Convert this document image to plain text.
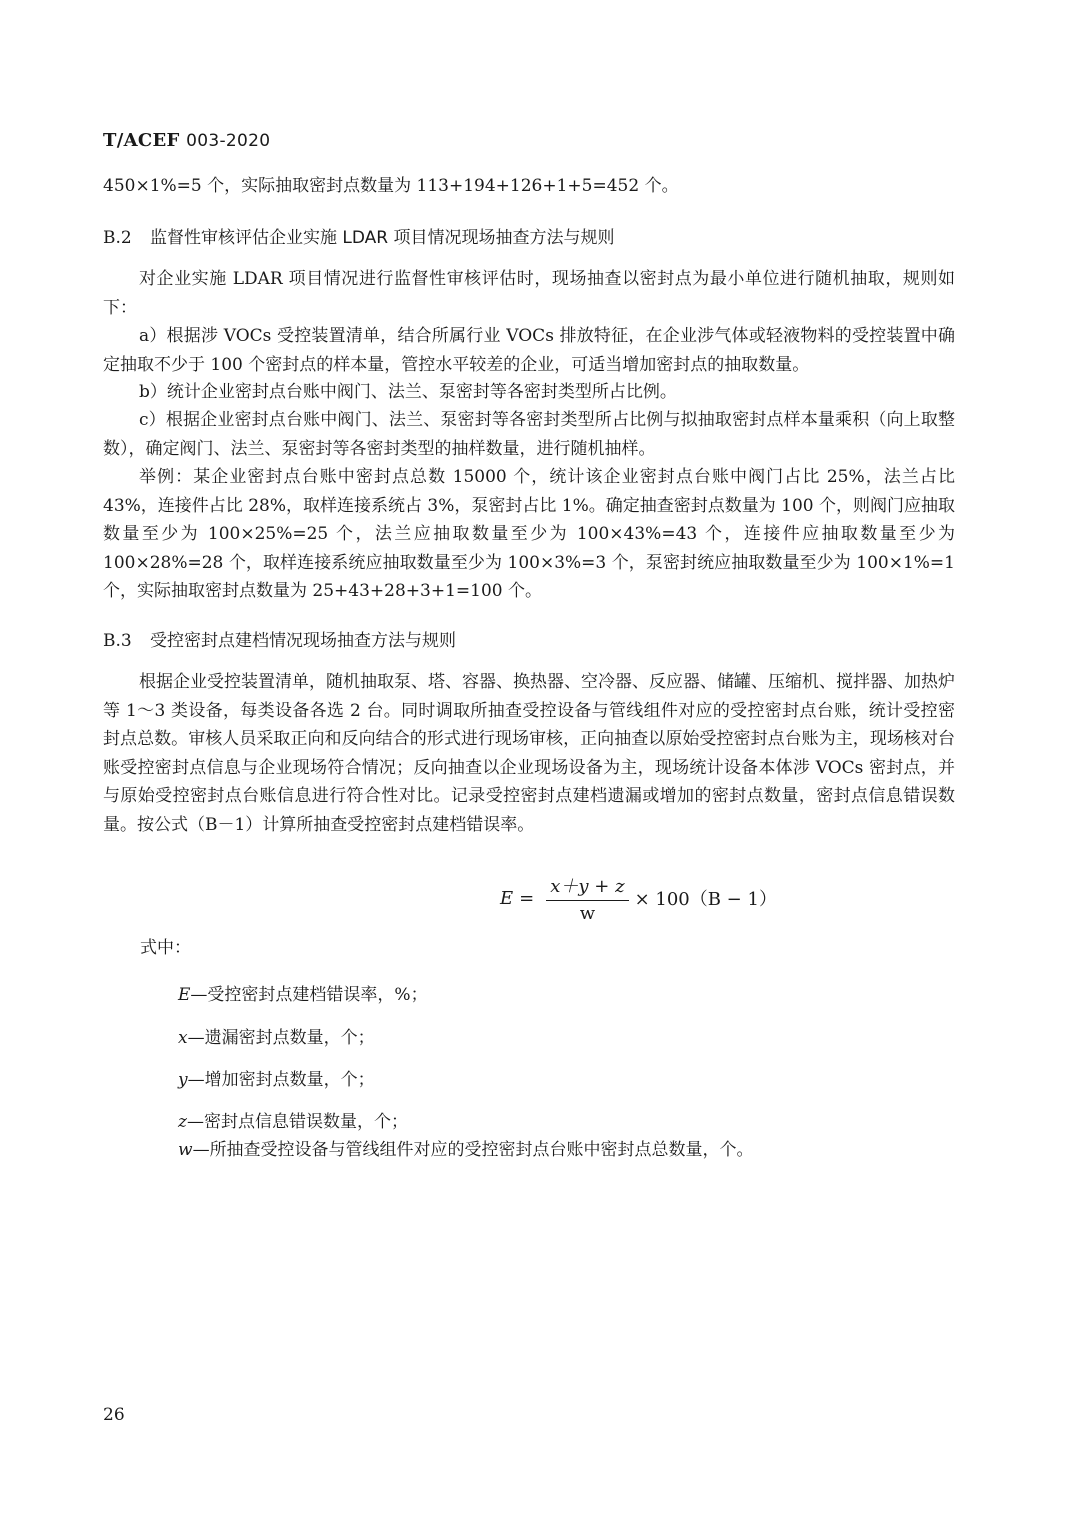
T/ACEF 003-2020
450×1%=5 个，实际抽取密封点数量为 113+194+126+1+5=452 个。
B.2 监督性审核评估企业实施 LDAR 项目情况现场抽查方法与规则
对企业实施 LDAR 项目情况进行监督性审核评估时，现场抽查以密封点为最小单位进行随机抽取，规则如下：
a）根据涉 VOCs 受控装置清单，结合所属行业 VOCs 排放特征，在企业涉气体或轻液物料的受控装置中确定抽取不少于 100 个密封点的样本量，管控水平较差的企业，可适当增加密封点的抽取数量。
b）统计企业密封点台账中阀门、法兰、泵密封等各密封类型所占比例。
c）根据企业密封点台账中阀门、法兰、泵密封等各密封类型所占比例与拟抽取密封点样本量乘积（向上取整数），确定阀门、法兰、泵密封等各密封类型的抽样数量，进行随机抽样。
举例：某企业密封点台账中密封点总数 15000 个，统计该企业密封点台账中阀门占比 25%，法兰占比 43%，连接件占比 28%，取样连接系统占 3%，泵密封占比 1%。确定抽查密封点数量为 100 个，则阀门应抽取数量至少为 100×25%=25 个，法兰应抽取数量至少为 100×43%=43 个，连接件应抽取数量至少为 100×28%=28 个，取样连接系统应抽取数量至少为 100×3%=3 个，泵密封统应抽取数量至少为 100×1%=1 个，实际抽取密封点数量为 25+43+28+3+1=100 个。
B.3 受控密封点建档情况现场抽查方法与规则
根据企业受控装置清单，随机抽取泵、塔、容器、换热器、空冷器、反应器、储罐、压缩机、搅拌器、加热炉等 1～3 类设备，每类设备各选 2 台。同时调取所抽查受控设备与管线组件对应的受控密封点台账，统计受控密封点总数。审核人员采取正向和反向结合的形式进行现场审核，正向抽查以原始受控密封点台账为主，现场核对台账受控密封点信息与企业现场符合情况；反向抽查以企业现场设备为主，现场统计设备本体涉 VOCs 密封点，并与原始受控密封点台账信息进行符合性对比。记录受控密封点建档遗漏或增加的密封点数量，密封点信息错误数量。按公式（B－1）计算所抽查受控密封点建档错误率。
$E = \frac{x+y + z}{w} \times 100(B - 1)$
式中：
E—受控密封点建档错误率，%；
x—遗漏密封点数量，个；
y—增加密封点数量，个；
z—密封点信息错误数量，个；
w—所抽查受控设备与管线组件对应的受控密封点台账中密封点总数量，个。
26
